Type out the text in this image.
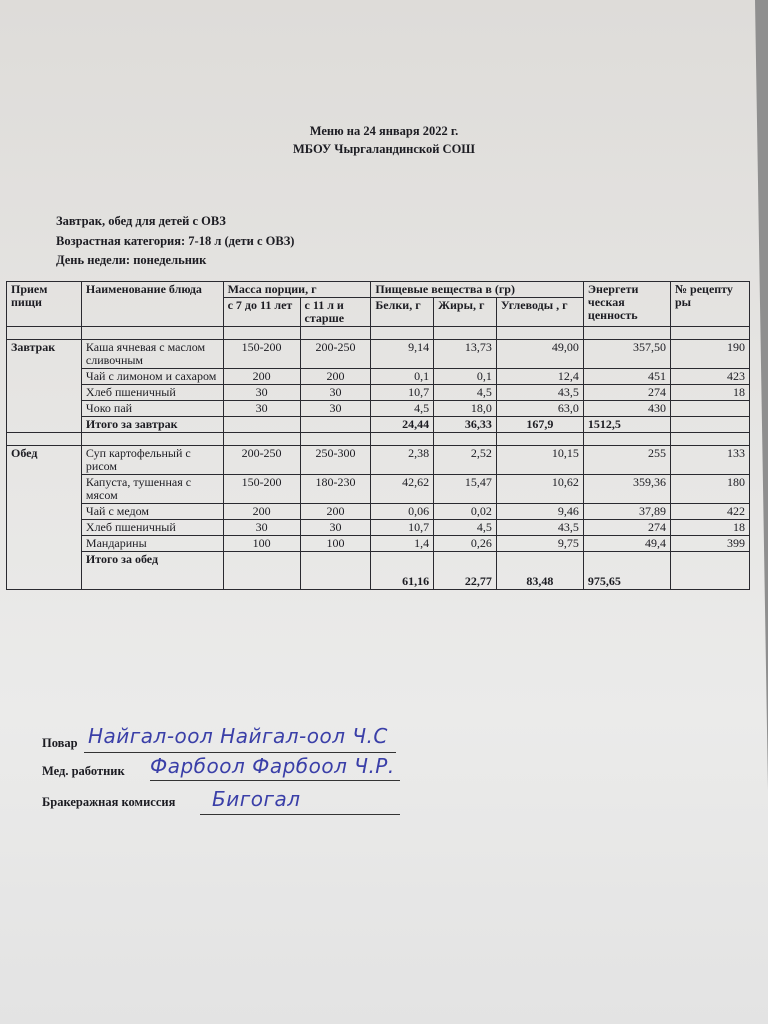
Меню на 24 января 2022 г.
МБОУ Чыргаландинской СОШ
Завтрак, обед для детей с ОВЗ
Возрастная категория: 7-18 л (дети с ОВЗ)
День недели: понедельник
Прием пищи	Наименование блюда	Масса порции, г		Пищевые вещества в (гр)			Энергети ческая ценность	№ рецепту ры
		с 7 до 11 лет	с 11 л и старше	Белки, г	Жиры, г	Углеводы , г		

Завтрак	Каша ячневая с маслом сливочным	150-200	200-250	9,14	13,73	49,00	357,50	190
	Чай с лимоном и сахаром	200	200	0,1	0,1	12,4	451	423
	Хлеб пшеничный	30	30	10,7	4,5	43,5	274	18
	Чоко пай	30	30	4,5	18,0	63,0	430	
	Итого за завтрак			24,44	36,33	167,9	1512,5	

Обед	Суп картофельный с рисом	200-250	250-300	2,38	2,52	10,15	255	133
	Капуста, тушенная с мясом	150-200	180-230	42,62	15,47	10,62	359,36	180
	Чай с медом	200	200	0,06	0,02	9,46	37,89	422
	Хлеб пшеничный	30	30	10,7	4,5	43,5	274	18
	Мандарины	100	100	1,4	0,26	9,75	49,4	399
	Итого за обед			61,16	22,77	83,48	975,65	
Повар Найгал-оол Найгал-оол Ч.С
Мед. работник Фарбоол Фарбоол Ч.Р.
Бракеражная комиссия Бигогал
